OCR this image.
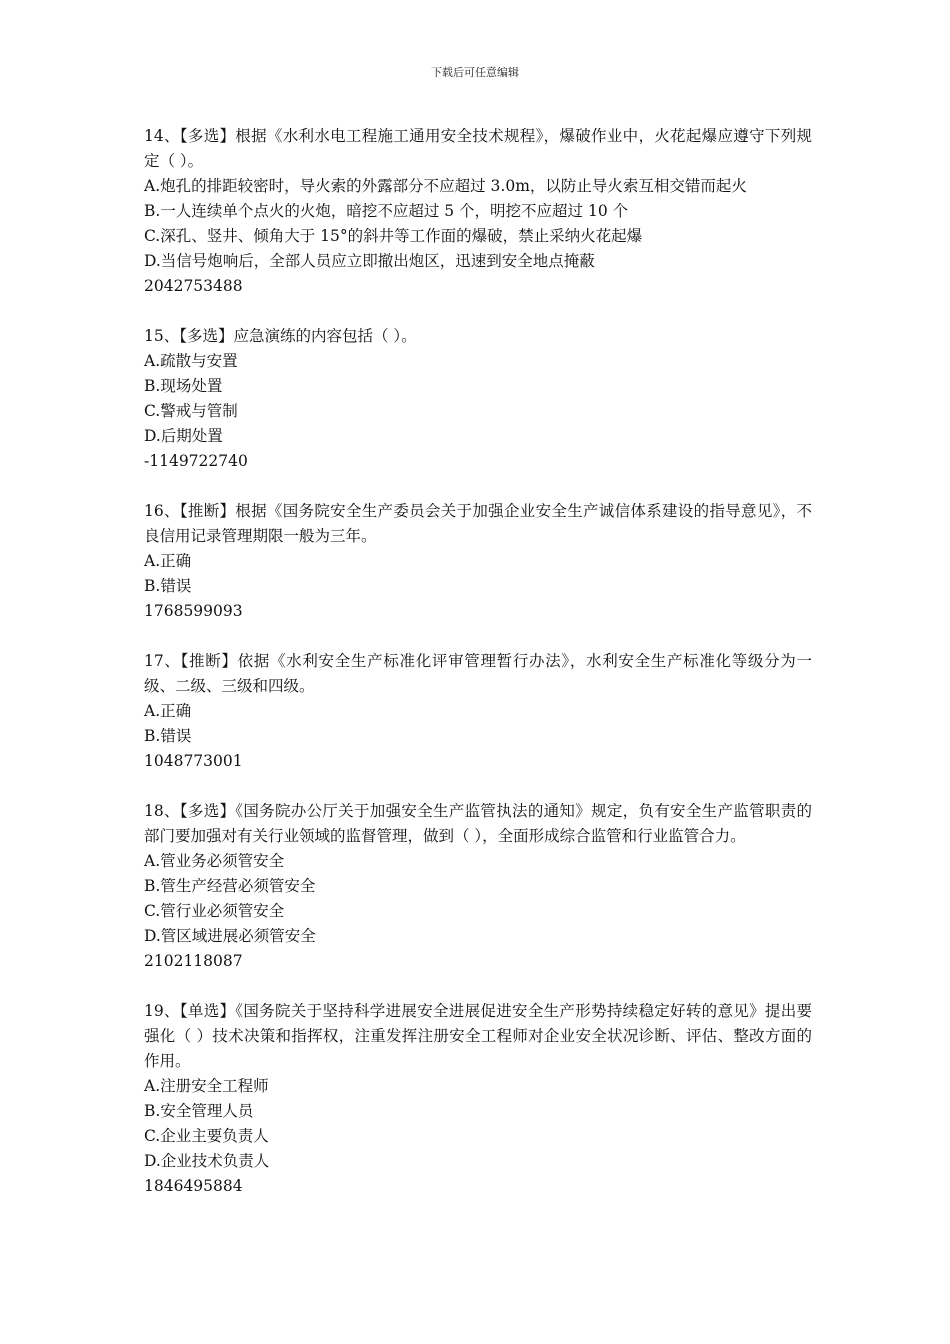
下载后可任意编辑
14、【多选】根据《水利水电工程施工通用安全技术规程》，爆破作业中，火花起爆应遵守下列规定（ ）。
A.炮孔的排距较密时，导火索的外露部分不应超过 3.0m，以防止导火索互相交错而起火
B.一人连续单个点火的火炮，暗挖不应超过 5 个，明挖不应超过 10 个
C.深孔、竖井、倾角大于 15°的斜井等工作面的爆破，禁止采纳火花起爆
D.当信号炮响后，全部人员应立即撤出炮区，迅速到安全地点掩蔽
2042753488
15、【多选】应急演练的内容包括（ ）。
A.疏散与安置
B.现场处置
C.警戒与管制
D.后期处置
-1149722740
16、【推断】根据《国务院安全生产委员会关于加强企业安全生产诚信体系建设的指导意见》，不良信用记录管理期限一般为三年。
A.正确
B.错误
1768599093
17、【推断】依据《水利安全生产标准化评审管理暂行办法》，水利安全生产标准化等级分为一级、二级、三级和四级。
A.正确
B.错误
1048773001
18、【多选】《国务院办公厅关于加强安全生产监管执法的通知》规定，负有安全生产监管职责的部门要加强对有关行业领域的监督管理，做到（ ），全面形成综合监管和行业监管合力。
A.管业务必须管安全
B.管生产经营必须管安全
C.管行业必须管安全
D.管区域进展必须管安全
2102118087
19、【单选】《国务院关于坚持科学进展安全进展促进安全生产形势持续稳定好转的意见》提出要强化（ ）技术决策和指挥权，注重发挥注册安全工程师对企业安全状况诊断、评估、整改方面的作用。
A.注册安全工程师
B.安全管理人员
C.企业主要负责人
D.企业技术负责人
1846495884
